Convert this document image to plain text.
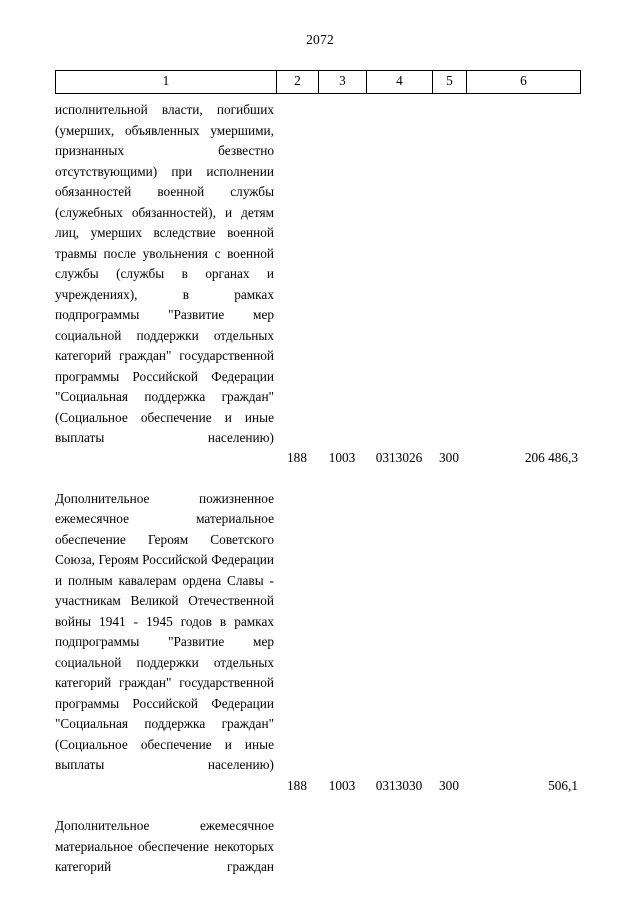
2072
1	2	3	4	5	6
исполнительной власти, погибших (умерших, объявленных умершими, признанных безвестно отсутствующими) при исполнении обязанностей военной службы (служебных обязанностей), и детям лиц, умерших вследствие военной травмы после увольнения с военной службы (службы в органах и учреждениях), в рамках подпрограммы "Развитие мер социальной поддержки отдельных категорий граждан" государственной программы Российской Федерации "Социальная поддержка граждан" (Социальное обеспечение и иные выплаты населению)	
188	1003	0313026	300	206 486,3
Дополнительное пожизненное ежемесячное материальное обеспечение Героям Советского Союза, Героям Российской Федерации и полным кавалерам ордена Славы - участникам Великой Отечественной войны 1941 - 1945 годов в рамках подпрограммы "Развитие мер социальной поддержки отдельных категорий граждан" государственной программы Российской Федерации "Социальная поддержка граждан" (Социальное обеспечение и иные выплаты населению)	
188	1003	0313030	300	506,1
Дополнительное ежемесячное материальное обеспечение некоторых категорий граждан					
